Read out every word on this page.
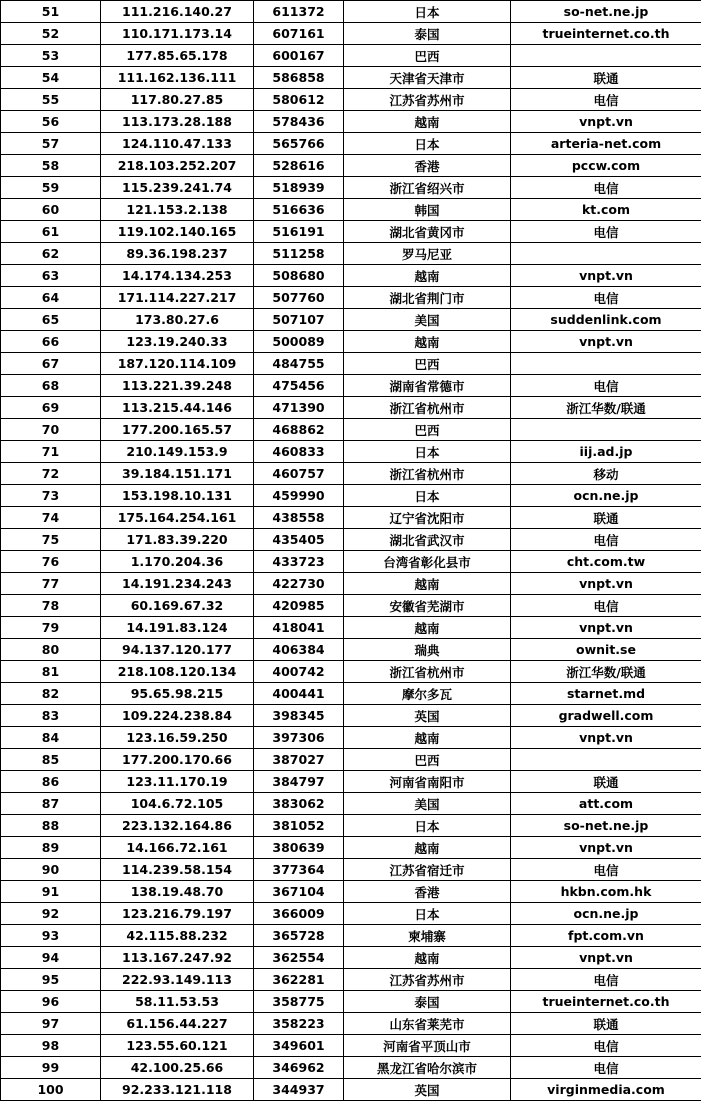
51	111.216.140.27	611372	日本	so-net.ne.jp
52	110.171.173.14	607161	泰国	trueinternet.co.th
53	177.85.65.178	600167	巴西	
54	111.162.136.111	586858	天津省天津市	联通
55	117.80.27.85	580612	江苏省苏州市	电信
56	113.173.28.188	578436	越南	vnpt.vn
57	124.110.47.133	565766	日本	arteria-net.com
58	218.103.252.207	528616	香港	pccw.com
59	115.239.241.74	518939	浙江省绍兴市	电信
60	121.153.2.138	516636	韩国	kt.com
61	119.102.140.165	516191	湖北省黄冈市	电信
62	89.36.198.237	511258	罗马尼亚	
63	14.174.134.253	508680	越南	vnpt.vn
64	171.114.227.217	507760	湖北省荆门市	电信
65	173.80.27.6	507107	美国	suddenlink.com
66	123.19.240.33	500089	越南	vnpt.vn
67	187.120.114.109	484755	巴西	
68	113.221.39.248	475456	湖南省常德市	电信
69	113.215.44.146	471390	浙江省杭州市	浙江华数/联通
70	177.200.165.57	468862	巴西	
71	210.149.153.9	460833	日本	iij.ad.jp
72	39.184.151.171	460757	浙江省杭州市	移动
73	153.198.10.131	459990	日本	ocn.ne.jp
74	175.164.254.161	438558	辽宁省沈阳市	联通
75	171.83.39.220	435405	湖北省武汉市	电信
76	1.170.204.36	433723	台湾省彰化县市	cht.com.tw
77	14.191.234.243	422730	越南	vnpt.vn
78	60.169.67.32	420985	安徽省芜湖市	电信
79	14.191.83.124	418041	越南	vnpt.vn
80	94.137.120.177	406384	瑞典	ownit.se
81	218.108.120.134	400742	浙江省杭州市	浙江华数/联通
82	95.65.98.215	400441	摩尔多瓦	starnet.md
83	109.224.238.84	398345	英国	gradwell.com
84	123.16.59.250	397306	越南	vnpt.vn
85	177.200.170.66	387027	巴西	
86	123.11.170.19	384797	河南省南阳市	联通
87	104.6.72.105	383062	美国	att.com
88	223.132.164.86	381052	日本	so-net.ne.jp
89	14.166.72.161	380639	越南	vnpt.vn
90	114.239.58.154	377364	江苏省宿迁市	电信
91	138.19.48.70	367104	香港	hkbn.com.hk
92	123.216.79.197	366009	日本	ocn.ne.jp
93	42.115.88.232	365728	柬埔寨	fpt.com.vn
94	113.167.247.92	362554	越南	vnpt.vn
95	222.93.149.113	362281	江苏省苏州市	电信
96	58.11.53.53	358775	泰国	trueinternet.co.th
97	61.156.44.227	358223	山东省莱芜市	联通
98	123.55.60.121	349601	河南省平顶山市	电信
99	42.100.25.66	346962	黑龙江省哈尔滨市	电信
100	92.233.121.118	344937	英国	virginmedia.com
